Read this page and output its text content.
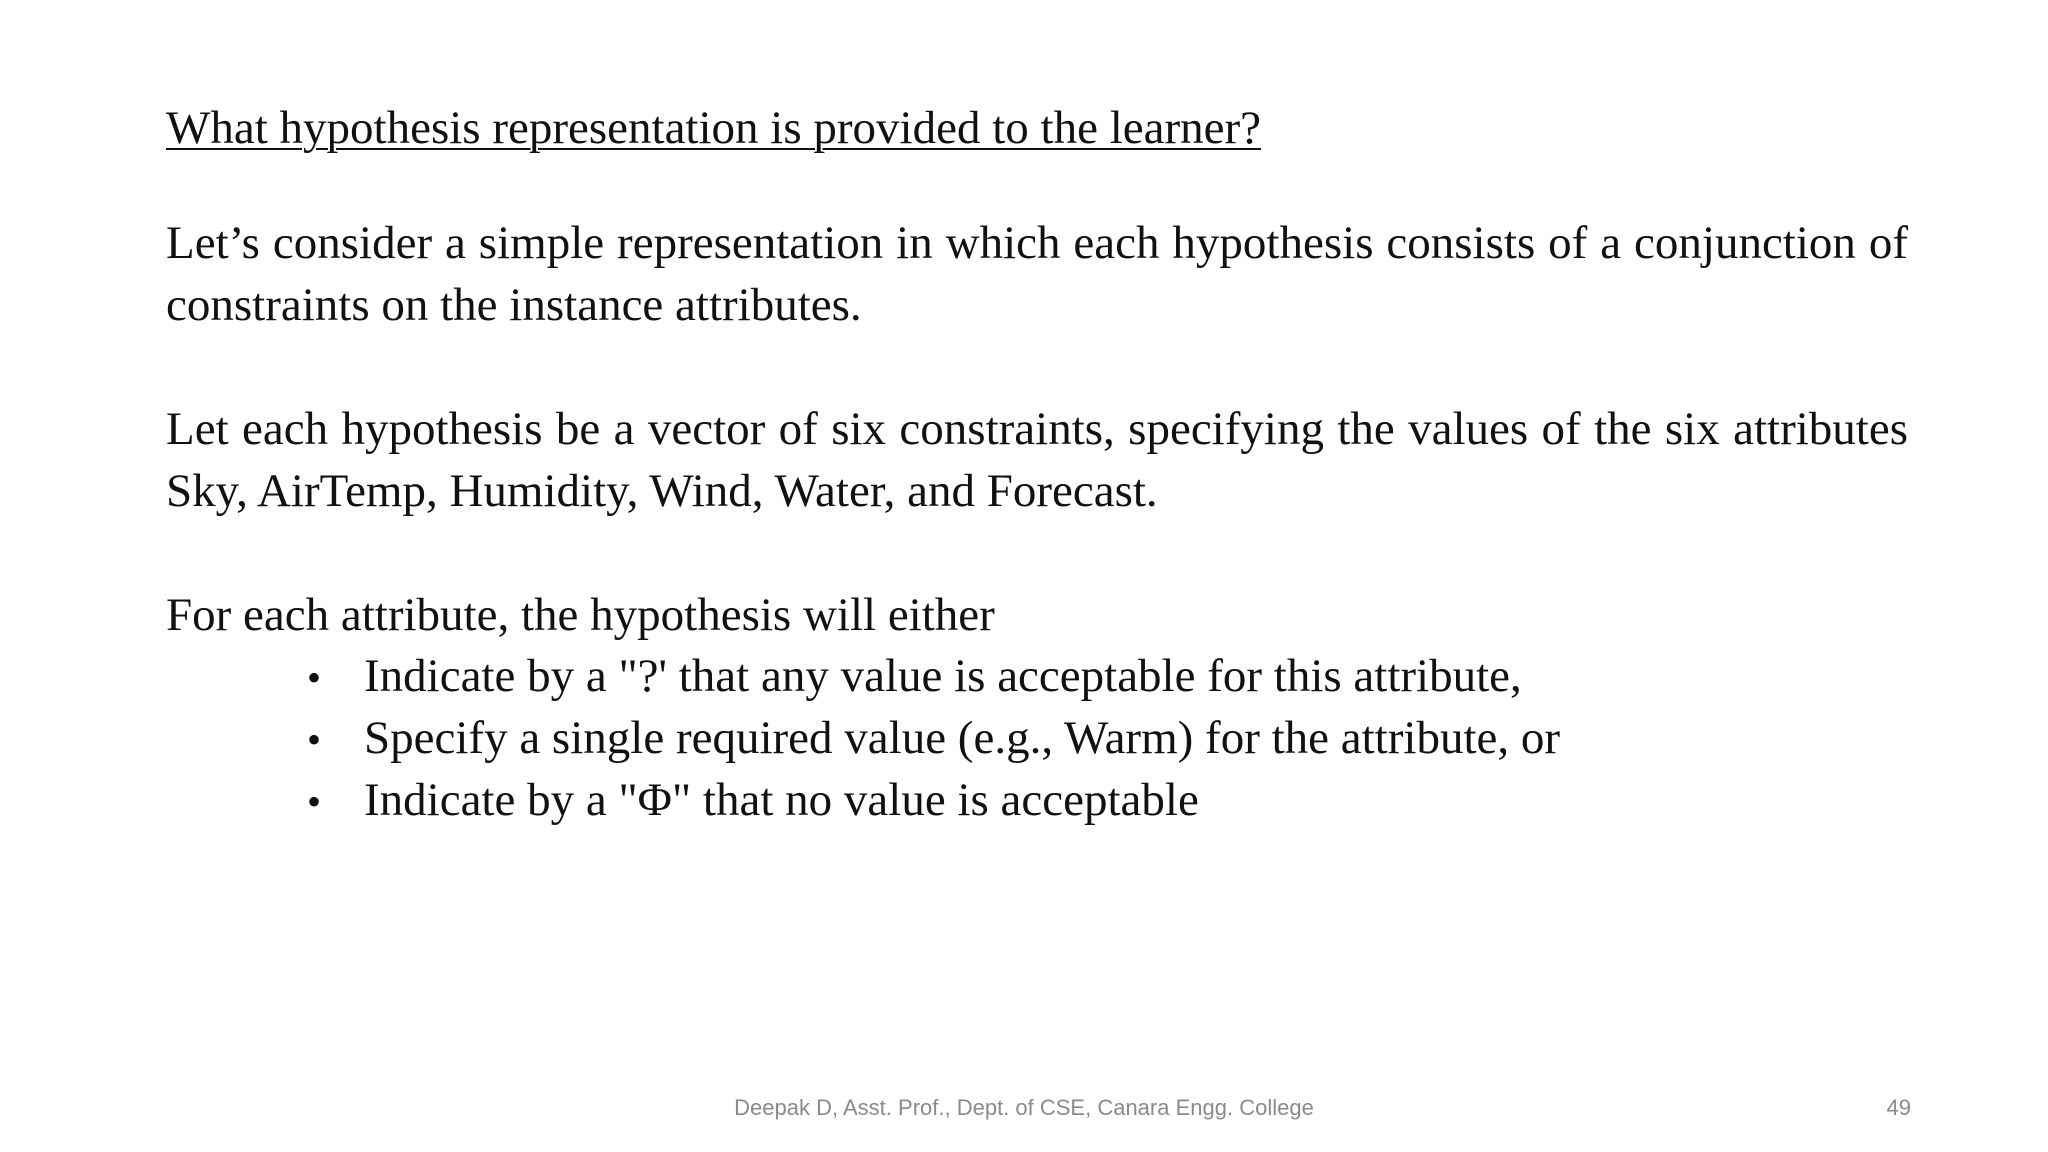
What hypothesis representation is provided to the learner?

Let’s consider a simple representation in which each hypothesis consists of a conjunction of constraints on the instance attributes.

Let each hypothesis be a vector of six constraints, specifying the values of the six attributes Sky, AirTemp, Humidity, Wind, Water, and Forecast.

For each attribute, the hypothesis will either

• Indicate by a "?' that any value is acceptable for this attribute,
• Specify a single required value (e.g., Warm) for the attribute, or
• Indicate by a "Φ" that no value is acceptable
Deepak D, Asst. Prof., Dept. of CSE, Canara Engg. College	49
